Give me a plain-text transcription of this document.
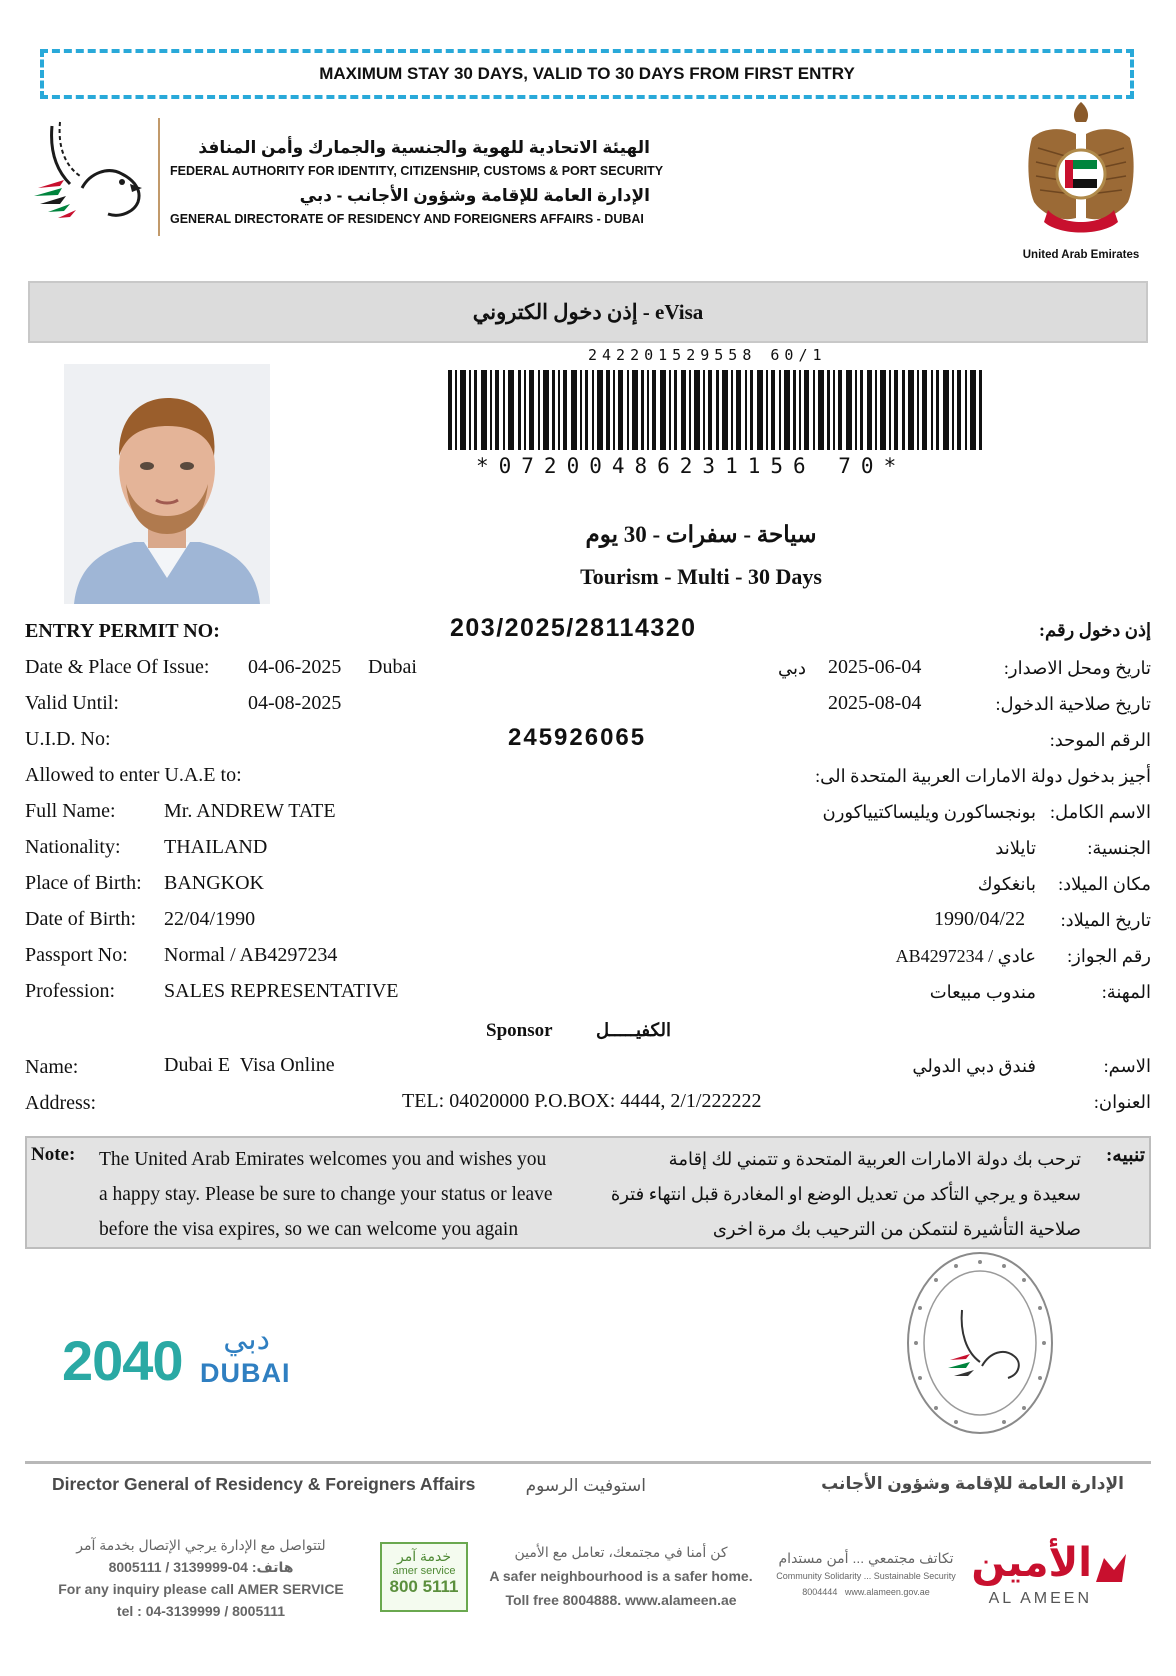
MAXIMUM STAY 30 DAYS, VALID TO 30 DAYS FROM FIRST ENTRY
الهيئة الاتحادية للهوية والجنسية والجمارك وأمن المنافذ
FEDERAL AUTHORITY FOR IDENTITY, CITIZENSHIP, CUSTOMS & PORT SECURITY
الإدارة العامة للإقامة وشؤون الأجانب - دبي
GENERAL DIRECTORATE OF RESIDENCY AND FOREIGNERS AFFAIRS - DUBAI
United Arab Emirates
إذن دخول الكتروني - eVisa
242201529558 60/1
*07200486231156 70*
سياحة - سفرات - 30 يوم
Tourism - Multi - 30 Days
ENTRY PERMIT NO:	203/2025/28114320	إذن دخول رقم:
Date & Place Of Issue: 04-06-2025 Dubai	دبي 2025-06-04	تاريخ ومحل الاصدار:
Valid Until:	04-08-2025	2025-08-04	تاريخ صلاحية الدخول:
U.I.D. No:	245926065	الرقم الموحد:
Allowed to enter U.A.E to:	أجيز بدخول دولة الامارات العربية المتحدة الى:
Full Name: Mr. ANDREW TATE	بونجساكورن ويليساكتيياكورن الاسم الكامل:
Nationality: THAILAND	تايلاند	الجنسية:
Place of Birth: BANGKOK	بانغكوك مكان الميلاد:
Date of Birth: 22/04/1990	1990/04/22 تاريخ الميلاد:
Passport No: Normal / AB4297234	عادي / AB4297234 رقم الجواز:
Profession: SALES REPRESENTATIVE	مندوب مبيعات	المهنة:
Sponsor الكفيـــــل
Name:	Dubai E  Visa Online	فندق دبي الدولي	الاسم:
Address:	TEL: 04020000 P.O.BOX: 4444, 2/1/222222	العنوان:
Note: The United Arab Emirates welcomes you and wishes you
a happy stay. Please be sure to change your status or leave
before the visa expires, so we can welcome you again
ترحب بك دولة الامارات العربية المتحدة و تتمني لك إقامة
سعيدة و يرجي التأكد من تعديل الوضع او المغادرة قبل انتهاء فترة
صلاحية التأشيرة لنتمكن من الترحيب بك مرة اخرى
تنبيه:
2040	دبي
DUBAI
Director General of Residency & Foreigners Affairs	استوفيت الرسوم	الإدارة العامة للإقامة وشؤون الأجانب
لتتواصل مع الإدارة يرجي الإتصال بخدمة آمر
هاتف: 04-3139999 / 8005111
For any inquiry please call AMER SERVICE
tel : 04-3139999 / 8005111
خدمة آمر
amer service
800 5111
كن أمنا في مجتمعك، تعامل مع الأمين
A safer neighbourhood is a safer home.
Toll free 8004888. www.alameen.ae
تكاتف مجتمعي ... أمن مستدام
Community Solidarity ... Sustainable Security
8004444   www.alameen.gov.ae
الأمين
AL AMEEN
